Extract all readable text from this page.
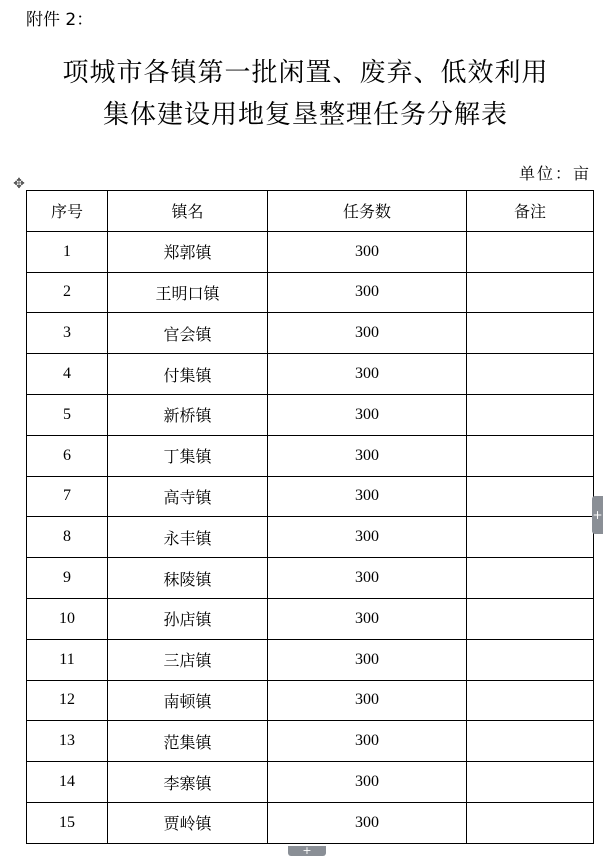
附件 2：
项城市各镇第一批闲置、废弃、低效利用
集体建设用地复垦整理任务分解表
单位：亩
✥
序号	镇名	任务数	备注
1	郑郭镇	300	
2	王明口镇	300	
3	官会镇	300	
4	付集镇	300	
5	新桥镇	300	
6	丁集镇	300	
7	高寺镇	300	
8	永丰镇	300	
9	秣陵镇	300	
10	孙店镇	300	
11	三店镇	300	
12	南顿镇	300	
13	范集镇	300	
14	李寨镇	300	
15	贾岭镇	300	
+
+
